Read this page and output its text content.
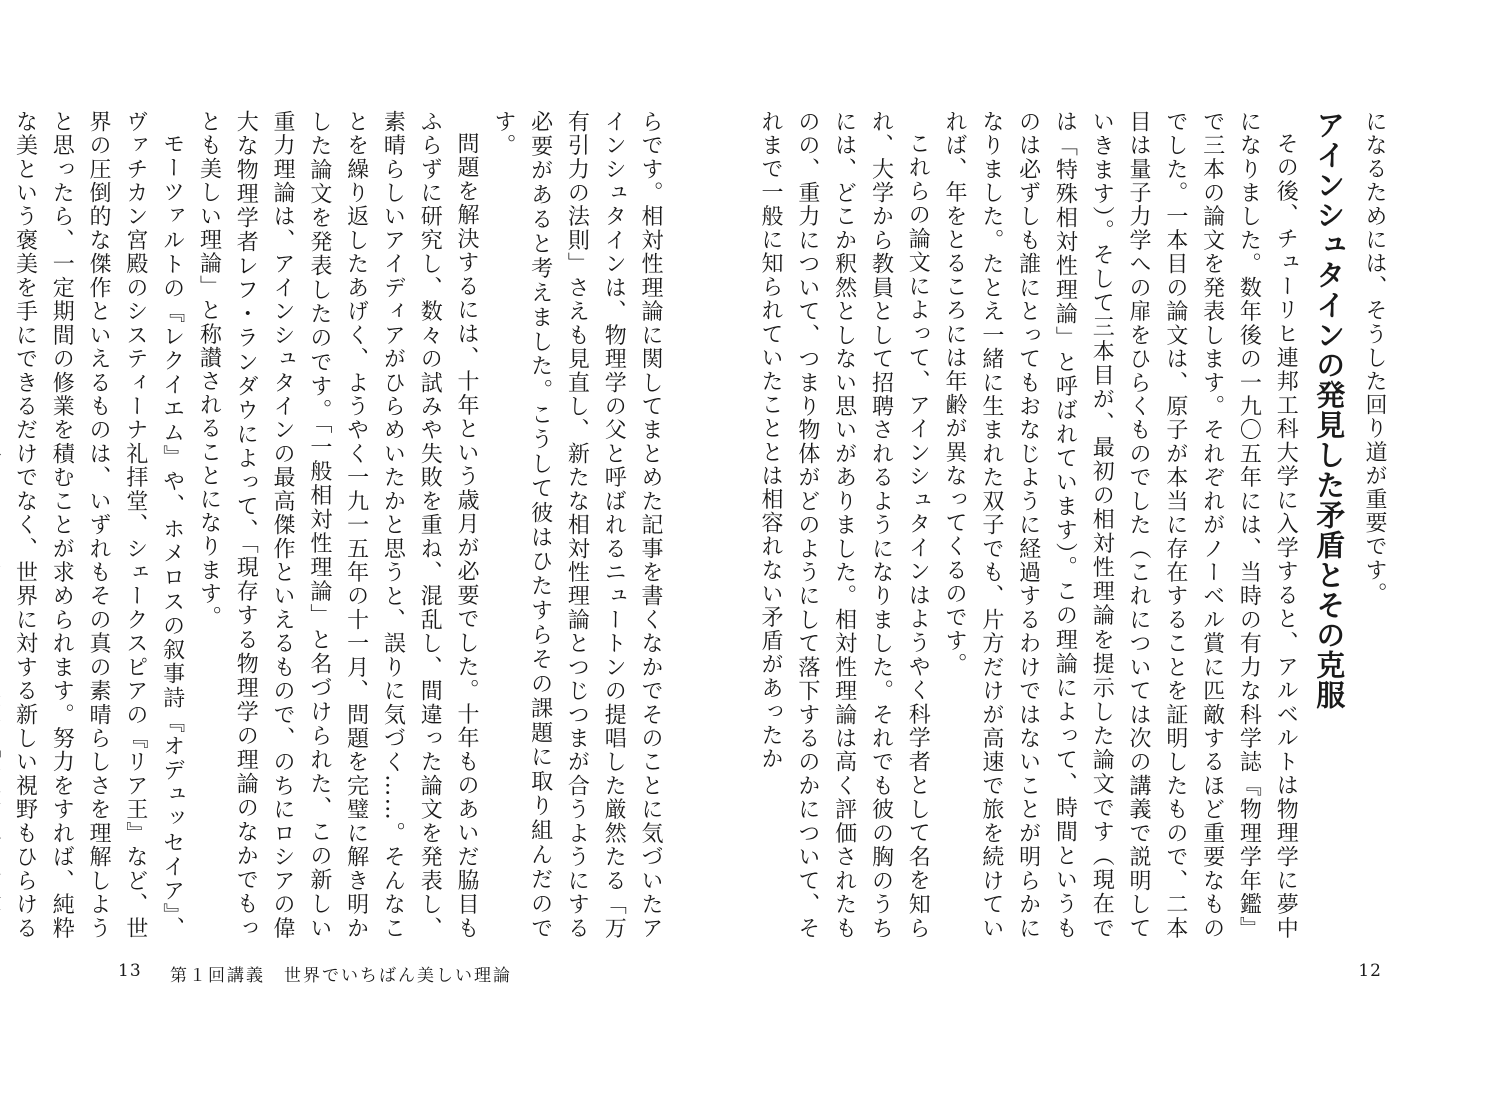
らです。相対性理論に関してまとめた記事を書くなかでそのことに気づいたアインシュタインは、物理学の父と呼ばれるニュートンの提唱した厳然たる「万有引力の法則」さえも見直し、新たな相対性理論とつじつまが合うようにする必要があると考えました。こうして彼はひたすらその課題に取り組んだのです。

問題を解決するには、十年という歳月が必要でした。十年ものあいだ脇目もふらずに研究し、数々の試みや失敗を重ね、混乱し、間違った論文を発表し、素晴らしいアイディアがひらめいたかと思うと、誤りに気づく……。そんなことを繰り返したあげく、ようやく一九一五年の十一月、問題を完璧に解き明かした論文を発表したのです。「一般相対性理論」と名づけられた、この新しい重力理論は、アインシュタインの最高傑作といえるもので、のちにロシアの偉大な物理学者レフ・ランダウによって、「現存する物理学の理論のなかでもっとも美しい理論」と称讃されることになります。

モーツァルトの『レクイエム』や、ホメロスの叙事詩『オデュッセイア』、ヴァチカン宮殿のシスティーナ礼拝堂、シェークスピアの『リア王』など、世界の圧倒的な傑作といえるものは、いずれもその真の素晴らしさを理解しようと思ったら、一定期間の修業を積むことが求められます。努力をすれば、純粋な美という褒美を手にできるだけでなく、世界に対する新しい視野もひらける

13 第１回講義　世界でいちばん美しい理論

になるためには、そうした回り道が重要です。

アインシュタインの発見した矛盾とその克服

その後、チューリヒ連邦工科大学に入学すると、アルベルトは物理学に夢中になりました。数年後の一九〇五年には、当時の有力な科学誌『物理学年鑑』で三本の論文を発表します。それぞれがノーベル賞に匹敵するほど重要なものでした。一本目の論文は、原子が本当に存在することを証明したもので、二本目は量子力学への扉をひらくものでした（これについては次の講義で説明していきます）。そして三本目が、最初の相対性理論を提示した論文です（現在では「特殊相対性理論」と呼ばれています）。この理論によって、時間というものは必ずしも誰にとってもおなじように経過するわけではないことが明らかになりました。たとえ一緒に生まれた双子でも、片方だけが高速で旅を続けていれば、年をとるころには年齢が異なってくるのです。

これらの論文によって、アインシュタインはようやく科学者として名を知られ、大学から教員として招聘されるようになりました。それでも彼の胸のうちには、どこか釈然としない思いがありました。相対性理論は高く評価されたものの、重力について、つまり物体がどのようにして落下するのかについて、それまで一般に知られていたこととは相容れない矛盾があったか

12
